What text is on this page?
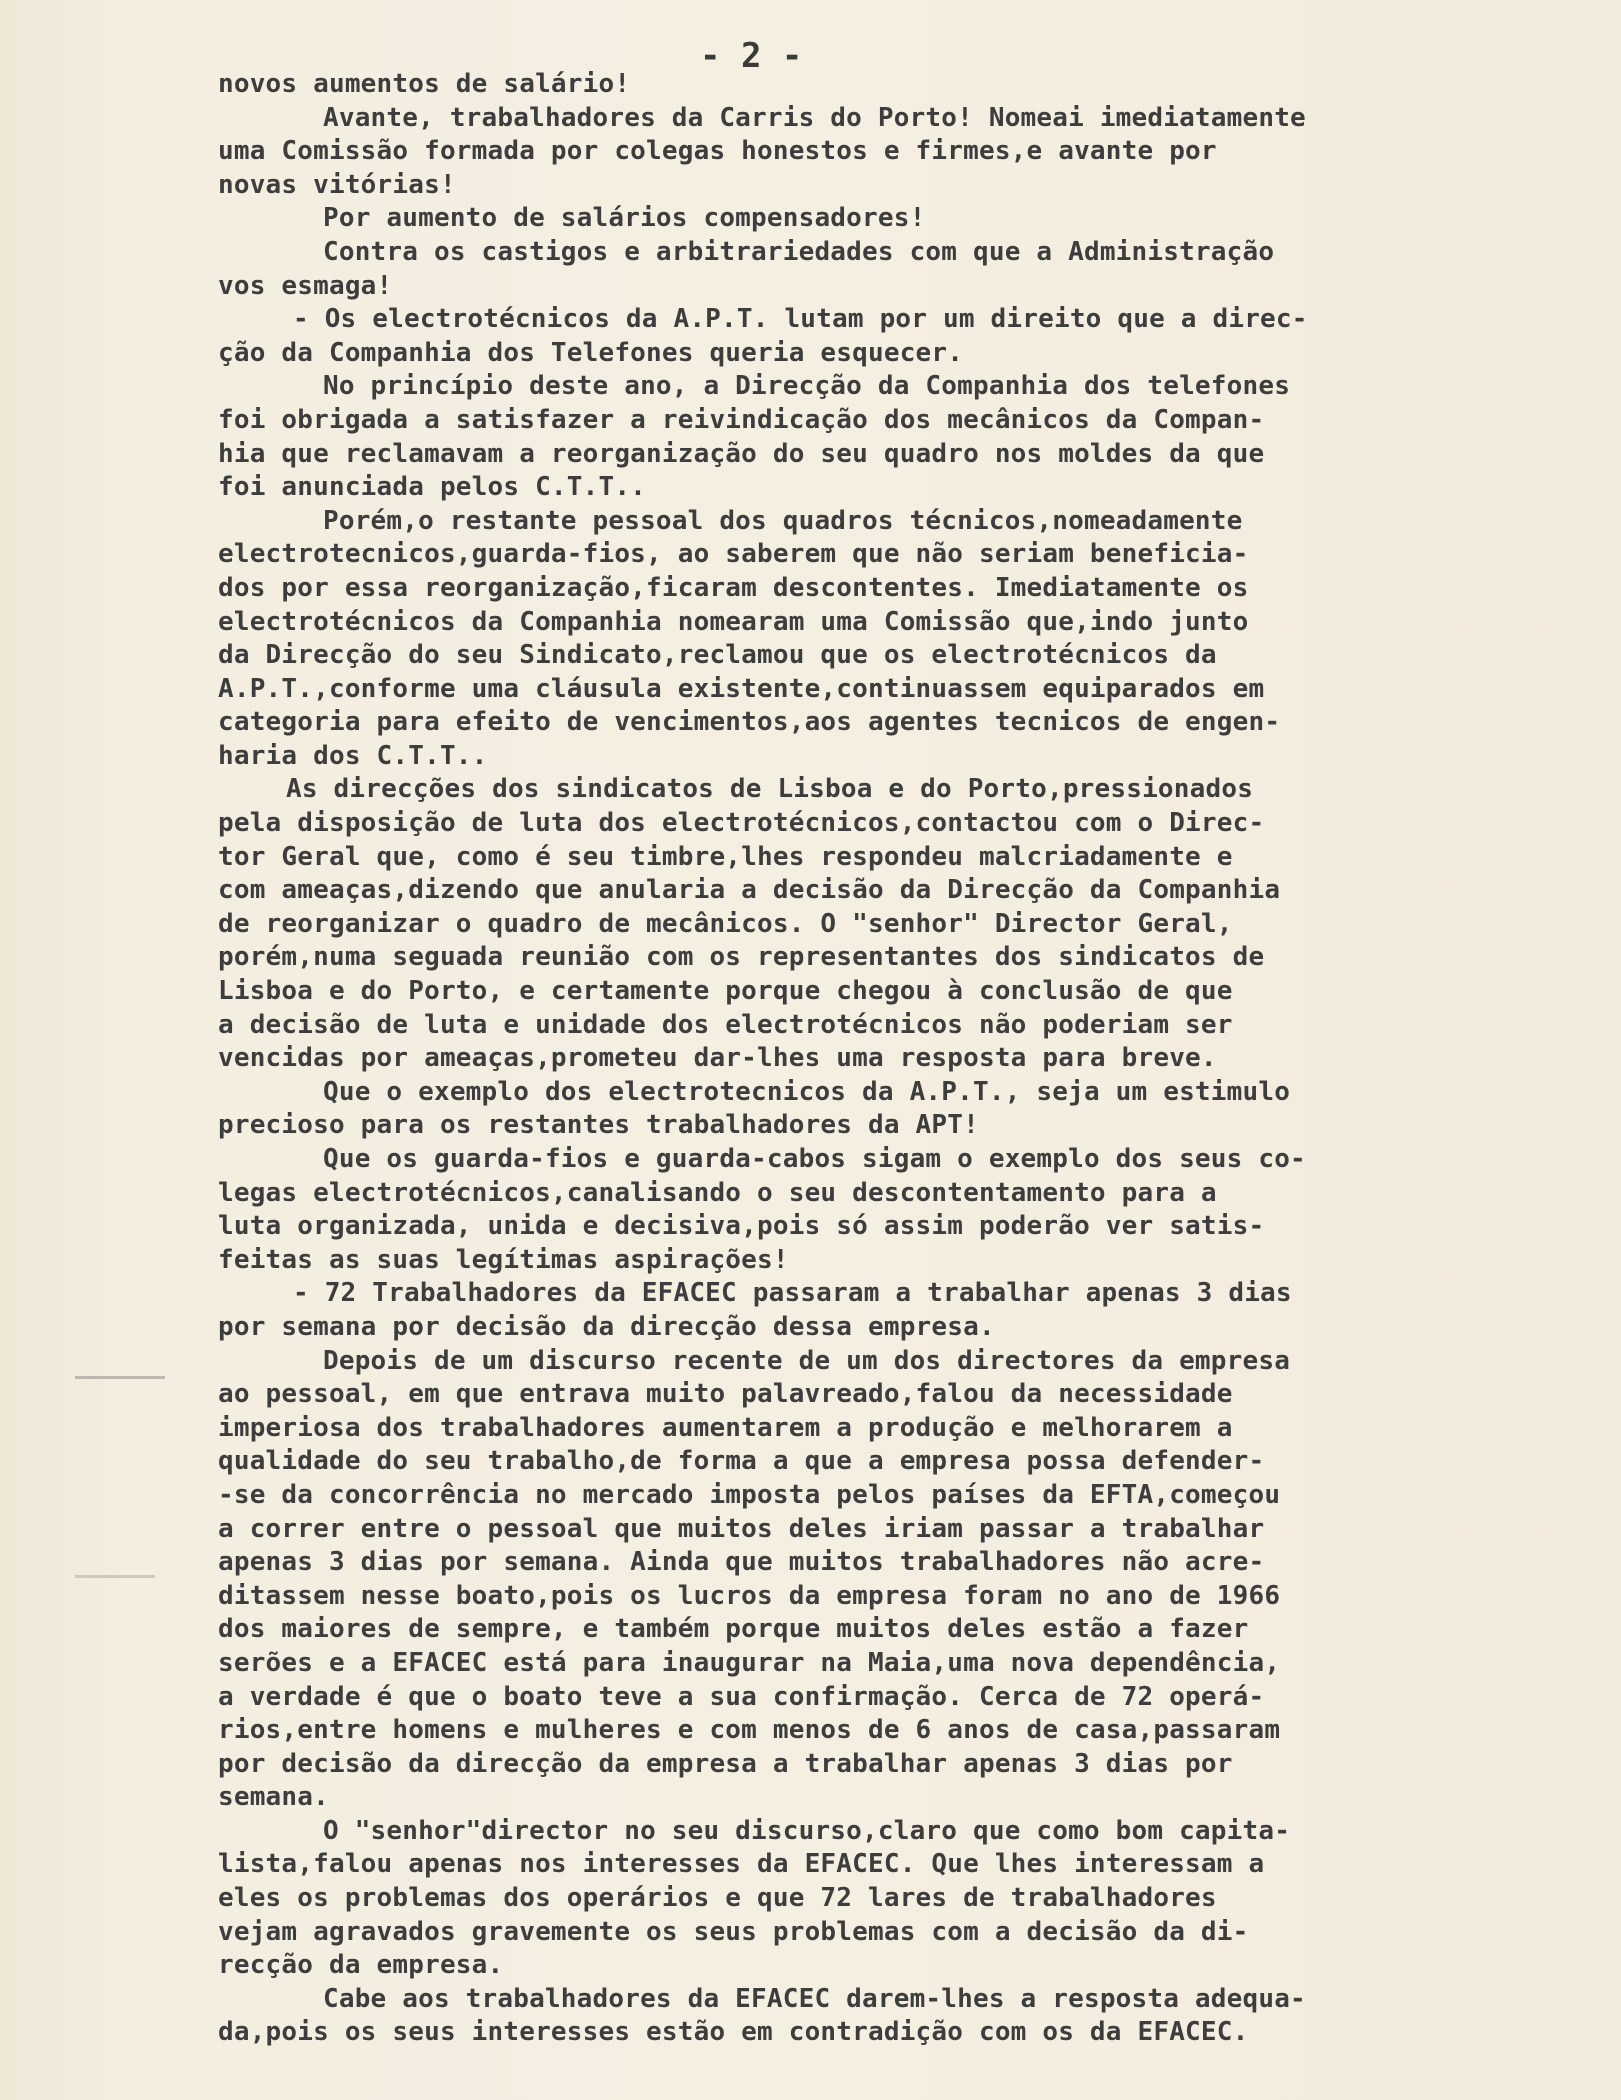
- 2 -
novos aumentos de salário!
Avante, trabalhadores da Carris do Porto! Nomeai imediatamente
uma Comissão formada por colegas honestos e firmes,e avante por
novas vitórias!
Por aumento de salários compensadores!
Contra os castigos e arbitrariedades com que a Administração
vos esmaga!
- Os electrotécnicos da A.P.T. lutam por um direito que a direc-
ção da Companhia dos Telefones queria esquecer.
No princípio deste ano, a Direcção da Companhia dos telefones
foi obrigada a satisfazer a reivindicação dos mecânicos da Compan-
hia que reclamavam a reorganização do seu quadro nos moldes da que
foi anunciada pelos C.T.T..
Porém,o restante pessoal dos quadros técnicos,nomeadamente
electrotecnicos,guarda-fios, ao saberem que não seriam beneficia-
dos por essa reorganização,ficaram descontentes. Imediatamente os
electrotécnicos da Companhia nomearam uma Comissão que,indo junto
da Direcção do seu Sindicato,reclamou que os electrotécnicos da
A.P.T.,conforme uma cláusula existente,continuassem equiparados em
categoria para efeito de vencimentos,aos agentes tecnicos de engen-
haria dos C.T.T..
As direcções dos sindicatos de Lisboa e do Porto,pressionados
pela disposição de luta dos electrotécnicos,contactou com o Direc-
tor Geral que, como é seu timbre,lhes respondeu malcriadamente e
com ameaças,dizendo que anularia a decisão da Direcção da Companhia
de reorganizar o quadro de mecânicos. O "senhor" Director Geral,
porém,numa seguada reunião com os representantes dos sindicatos de
Lisboa e do Porto, e certamente porque chegou à conclusão de que
a decisão de luta e unidade dos electrotécnicos não poderiam ser
vencidas por ameaças,prometeu dar-lhes uma resposta para breve.
Que o exemplo dos electrotecnicos da A.P.T., seja um estimulo
precioso para os restantes trabalhadores da APT!
Que os guarda-fios e guarda-cabos sigam o exemplo dos seus co-
legas electrotécnicos,canalisando o seu descontentamento para a
luta organizada, unida e decisiva,pois só assim poderão ver satis-
feitas as suas legítimas aspirações!
- 72 Trabalhadores da EFACEC passaram a trabalhar apenas 3 dias
por semana por decisão da direcção dessa empresa.
Depois de um discurso recente de um dos directores da empresa
ao pessoal, em que entrava muito palavreado,falou da necessidade
imperiosa dos trabalhadores aumentarem a produção e melhorarem a
qualidade do seu trabalho,de forma a que a empresa possa defender-
-se da concorrência no mercado imposta pelos países da EFTA,começou
a correr entre o pessoal que muitos deles iriam passar a trabalhar
apenas 3 dias por semana. Ainda que muitos trabalhadores não acre-
ditassem nesse boato,pois os lucros da empresa foram no ano de 1966
dos maiores de sempre, e também porque muitos deles estão a fazer
serões e a EFACEC está para inaugurar na Maia,uma nova dependência,
a verdade é que o boato teve a sua confirmação. Cerca de 72 operá-
rios,entre homens e mulheres e com menos de 6 anos de casa,passaram
por decisão da direcção da empresa a trabalhar apenas 3 dias por
semana.
O "senhor"director no seu discurso,claro que como bom capita-
lista,falou apenas nos interesses da EFACEC. Que lhes interessam a
eles os problemas dos operários e que 72 lares de trabalhadores
vejam agravados gravemente os seus problemas com a decisão da di-
recção da empresa.
Cabe aos trabalhadores da EFACEC darem-lhes a resposta adequa-
da,pois os seus interesses estão em contradição com os da EFACEC.
